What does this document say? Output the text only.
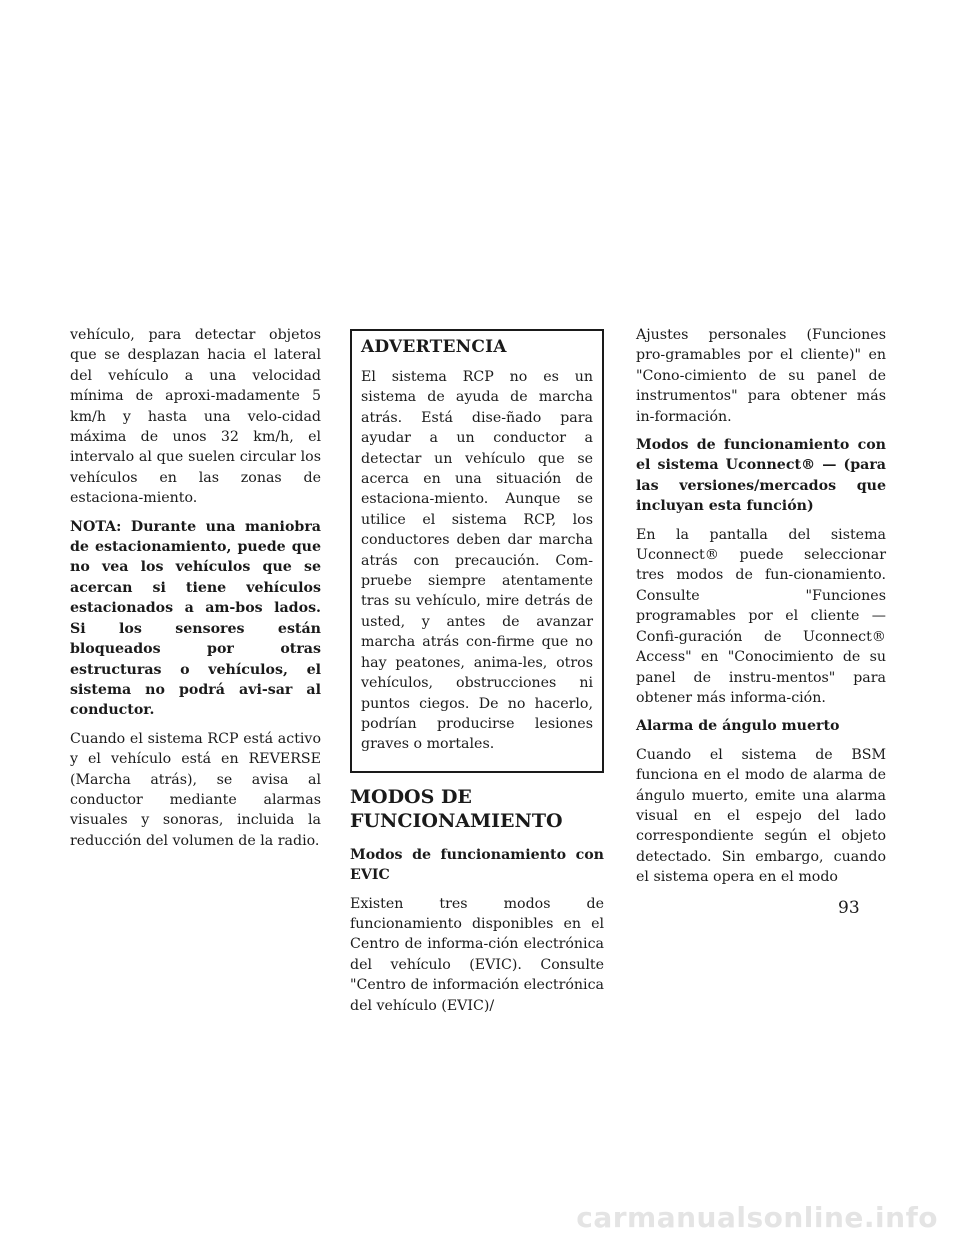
vehículo, para detectar objetos que se desplazan hacia el lateral del vehículo a una velocidad mínima de aproxi-madamente 5 km/h y hasta una velo-cidad máxima de unos 32 km/h, el intervalo al que suelen circular los vehículos en las zonas de estaciona-miento.

NOTA: Durante una maniobra de estacionamiento, puede que no vea los vehículos que se acercan si tiene vehículos estacionados a am-bos lados. Si los sensores están bloqueados por otras estructuras o vehículos, el sistema no podrá avi-sar al conductor.

Cuando el sistema RCP está activo y el vehículo está en REVERSE (Marcha atrás), se avisa al conductor mediante alarmas visuales y sonoras, incluida la reducción del volumen de la radio.

ADVERTENCIA

El sistema RCP no es un sistema de ayuda de marcha atrás. Está dise-ñado para ayudar a un conductor a detectar un vehículo que se acerca en una situación de estaciona-miento. Aunque se utilice el sistema RCP, los conductores deben dar marcha atrás con precaución. Com-pruebe siempre atentamente tras su vehículo, mire detrás de usted, y antes de avanzar marcha atrás con-firme que no hay peatones, anima-les, otros vehículos, obstrucciones ni puntos ciegos. De no hacerlo, podrían producirse lesiones graves o mortales.

MODOS DE FUNCIONAMIENTO

Modos de funcionamiento con EVIC

Existen tres modos de funcionamiento disponibles en el Centro de informa-ción electrónica del vehículo (EVIC). Consulte "Centro de información electrónica del vehículo (EVIC)/

Ajustes personales (Funciones pro-gramables por el cliente)" en "Cono-cimiento de su panel de instrumentos" para obtener más in-formación.

Modos de funcionamiento con el sistema Uconnect® — (para las versiones/mercados que incluyan esta función)

En la pantalla del sistema Uconnect® puede seleccionar tres modos de fun-cionamiento. Consulte "Funciones programables por el cliente — Confi-guración de Uconnect® Access" en "Conocimiento de su panel de instru-mentos" para obtener más informa-ción.

Alarma de ángulo muerto

Cuando el sistema de BSM funciona en el modo de alarma de ángulo muerto, emite una alarma visual en el espejo del lado correspondiente según el objeto detectado. Sin embargo, cuando el sistema opera en el modo

93
carmanualsonline.info
